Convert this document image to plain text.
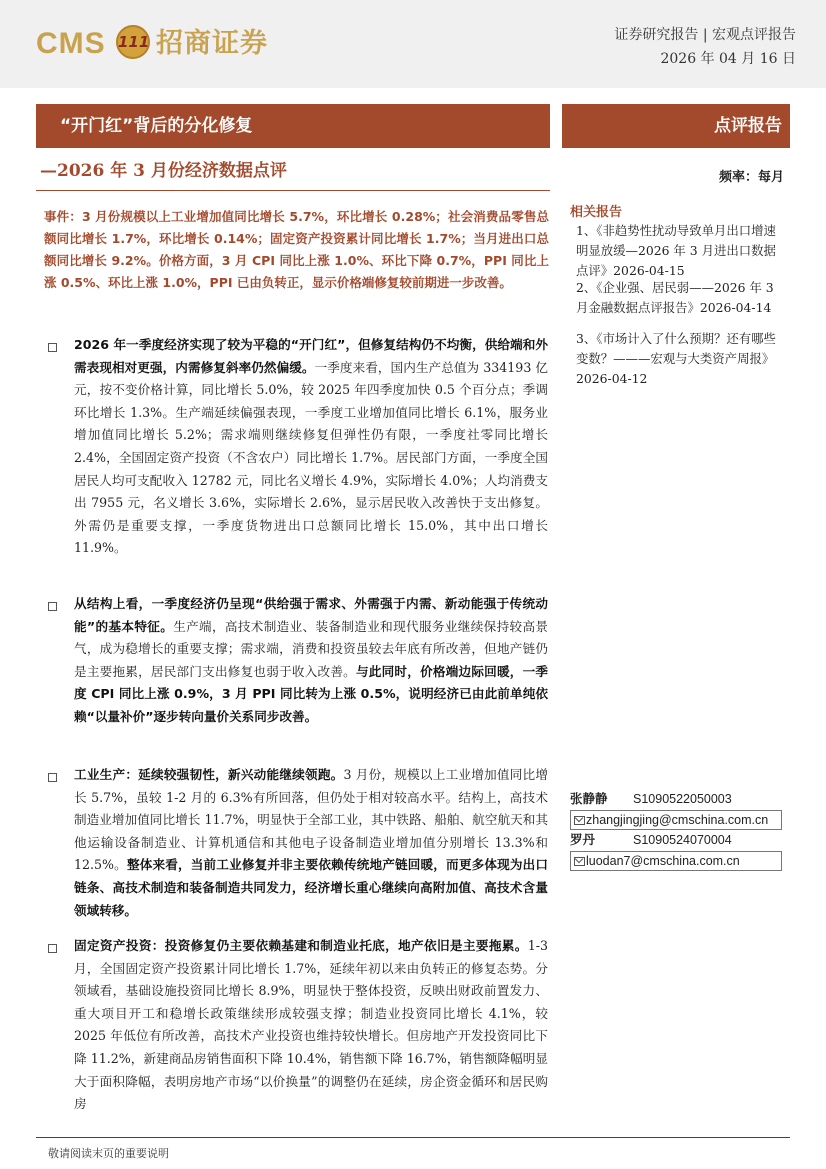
CMS 111 招商证券	证券研究报告 | 宏观点评报告
2026 年 04 月 16 日
“开门红”背后的分化修复	点评报告
—2026 年 3 月份经济数据点评	频率：每月
事件：3 月份规模以上工业增加值同比增长 5.7%，环比增长 0.28%；社会消费品零售总额同比增长 1.7%，环比增长 0.14%；固定资产投资累计同比增长 1.7%；当月进出口总额同比增长 9.2%。价格方面，3 月 CPI 同比上涨 1.0%、环比下降 0.7%，PPI 同比上涨 0.5%、环比上涨 1.0%，PPI 已由负转正，显示价格端修复较前期进一步改善。
2026 年一季度经济实现了较为平稳的“开门红”，但修复结构仍不均衡，供给端和外需表现相对更强，内需修复斜率仍然偏缓。一季度来看，国内生产总值为 334193 亿元，按不变价格计算，同比增长 5.0%，较 2025 年四季度加快 0.5 个百分点；季调环比增长 1.3%。生产端延续偏强表现，一季度工业增加值同比增长 6.1%，服务业增加值同比增长 5.2%；需求端则继续修复但弹性仍有限，一季度社零同比增长 2.4%，全国固定资产投资（不含农户）同比增长 1.7%。居民部门方面，一季度全国居民人均可支配收入 12782 元，同比名义增长 4.9%，实际增长 4.0%；人均消费支出 7955 元，名义增长 3.6%，实际增长 2.6%，显示居民收入改善快于支出修复。外需仍是重要支撑，一季度货物进出口总额同比增长 15.0%，其中出口增长 11.9%。
从结构上看，一季度经济仍呈现“供给强于需求、外需强于内需、新动能强于传统动能”的基本特征。生产端，高技术制造业、装备制造业和现代服务业继续保持较高景气，成为稳增长的重要支撑；需求端，消费和投资虽较去年底有所改善，但地产链仍是主要拖累，居民部门支出修复也弱于收入改善。与此同时，价格端边际回暖，一季度 CPI 同比上涨 0.9%，3 月 PPI 同比转为上涨 0.5%，说明经济已由此前单纯依赖“以量补价”逐步转向量价关系同步改善。
工业生产：延续较强韧性，新兴动能继续领跑。3 月份，规模以上工业增加值同比增长 5.7%，虽较 1-2 月的 6.3%有所回落，但仍处于相对较高水平。结构上，高技术制造业增加值同比增长 11.7%，明显快于全部工业，其中铁路、船舶、航空航天和其他运输设备制造业、计算机通信和其他电子设备制造业增加值分别增长 13.3%和 12.5%。整体来看，当前工业修复并非主要依赖传统地产链回暖，而更多体现为出口链条、高技术制造和装备制造共同发力，经济增长重心继续向高附加值、高技术含量领域转移。
固定资产投资：投资修复仍主要依赖基建和制造业托底，地产依旧是主要拖累。1-3 月，全国固定资产投资累计同比增长 1.7%，延续年初以来由负转正的修复态势。分领域看，基础设施投资同比增长 8.9%，明显快于整体投资，反映出财政前置发力、重大项目开工和稳增长政策继续形成较强支撑；制造业投资同比增长 4.1%，较 2025 年低位有所改善，高技术产业投资也维持较快增长。但房地产开发投资同比下降 11.2%，新建商品房销售面积下降 10.4%，销售额下降 16.7%，销售额降幅明显大于面积降幅，表明房地产市场“以价换量”的调整仍在延续，房企资金循环和居民购房
相关报告
1、《非趋势性扰动导致单月出口增速明显放缓—2026 年 3 月进出口数据点评》2026-04-15
2、《企业强、居民弱——2026 年 3 月金融数据点评报告》2026-04-14
3、《市场计入了什么预期？还有哪些变数？———宏观与大类资产周报》2026-04-12
张静静 S1090522050003
zhangjingjing@cmschina.com.cn
罗丹	S1090524070004
luodan7@cmschina.com.cn
敬请阅读末页的重要说明
